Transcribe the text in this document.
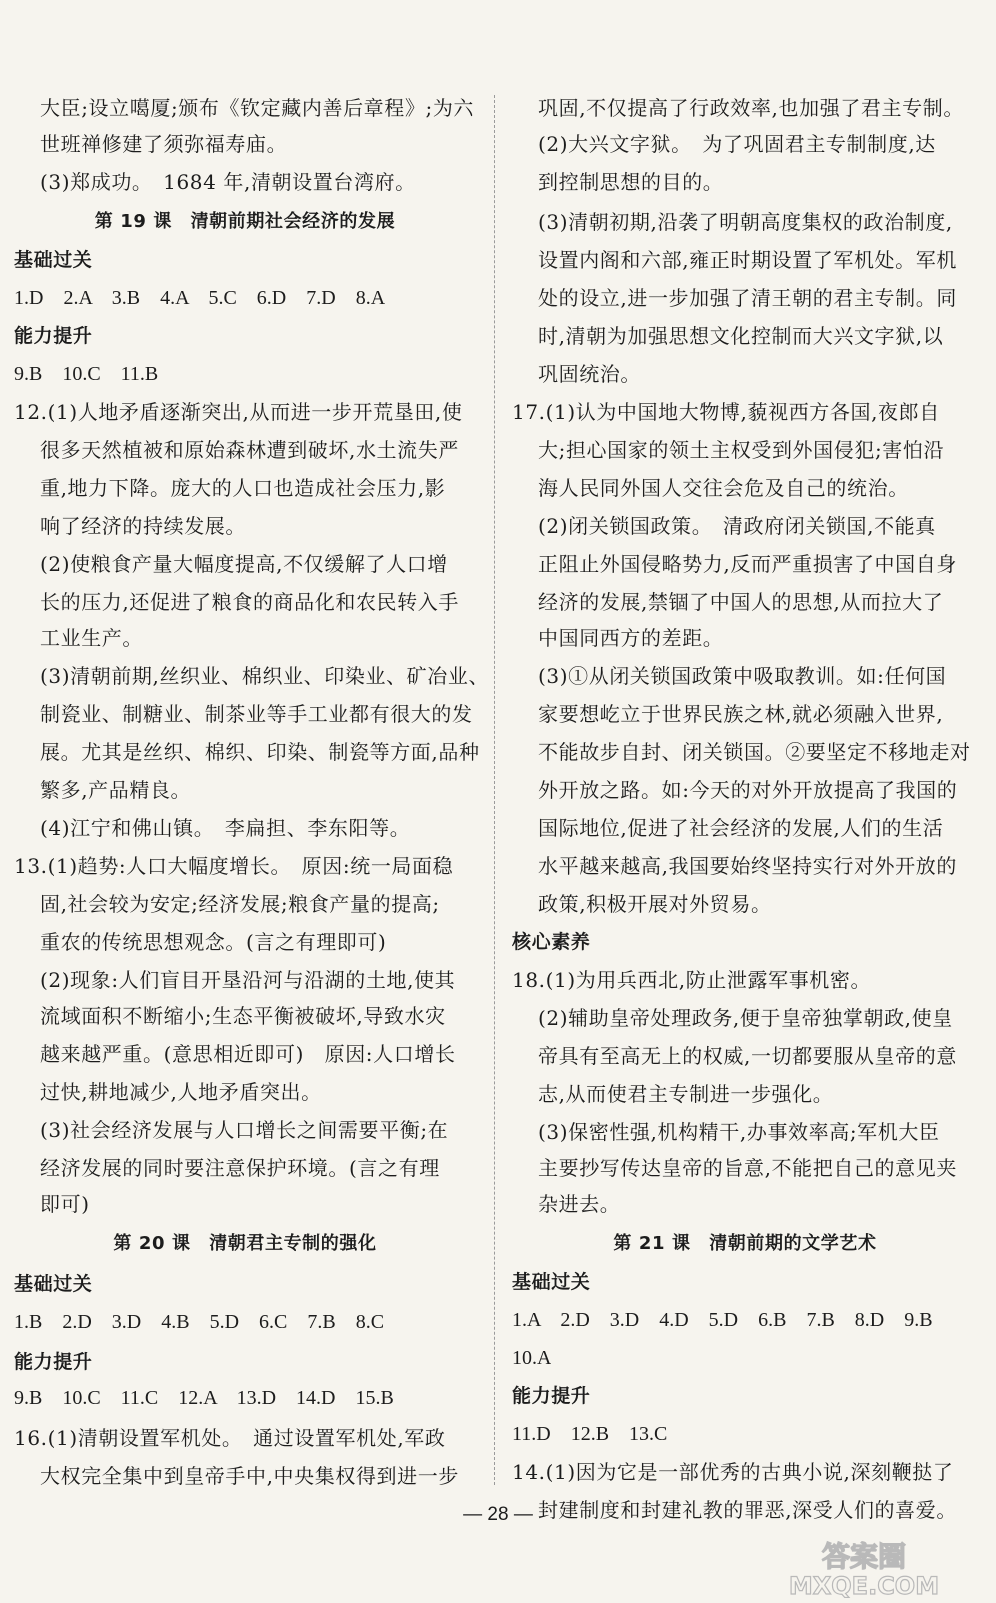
大臣;设立噶厦;颁布《钦定藏内善后章程》;为六
世班禅修建了须弥福寿庙。
(3)郑成功。　1684 年,清朝设置台湾府。
第 19 课　清朝前期社会经济的发展
基础过关
1.D　2.A　3.B　4.A　5.C　6.D　7.D　8.A
能力提升
9.B　10.C　11.B
12.(1)人地矛盾逐渐突出,从而进一步开荒垦田,使
很多天然植被和原始森林遭到破坏,水土流失严
重,地力下降。庞大的人口也造成社会压力,影
响了经济的持续发展。
(2)使粮食产量大幅度提高,不仅缓解了人口增
长的压力,还促进了粮食的商品化和农民转入手
工业生产。
(3)清朝前期,丝织业、棉织业、印染业、矿冶业、
制瓷业、制糖业、制茶业等手工业都有很大的发
展。尤其是丝织、棉织、印染、制瓷等方面,品种
繁多,产品精良。
(4)江宁和佛山镇。　李扁担、李东阳等。
13.(1)趋势:人口大幅度增长。　原因:统一局面稳
固,社会较为安定;经济发展;粮食产量的提高;
重农的传统思想观念。(言之有理即可)
(2)现象:人们盲目开垦沿河与沿湖的土地,使其
流域面积不断缩小;生态平衡被破坏,导致水灾
越来越严重。(意思相近即可)　原因:人口增长
过快,耕地减少,人地矛盾突出。
(3)社会经济发展与人口增长之间需要平衡;在
经济发展的同时要注意保护环境。(言之有理
即可)
第 20 课　清朝君主专制的强化
基础过关
1.B　2.D　3.D　4.B　5.D　6.C　7.B　8.C
能力提升
9.B　10.C　11.C　12.A　13.D　14.D　15.B
16.(1)清朝设置军机处。　通过设置军机处,军政
大权完全集中到皇帝手中,中央集权得到进一步
巩固,不仅提高了行政效率,也加强了君主专制。
(2)大兴文字狱。　为了巩固君主专制制度,达
到控制思想的目的。
(3)清朝初期,沿袭了明朝高度集权的政治制度,
设置内阁和六部,雍正时期设置了军机处。军机
处的设立,进一步加强了清王朝的君主专制。同
时,清朝为加强思想文化控制而大兴文字狱,以
巩固统治。
17.(1)认为中国地大物博,藐视西方各国,夜郎自
大;担心国家的领土主权受到外国侵犯;害怕沿
海人民同外国人交往会危及自己的统治。
(2)闭关锁国政策。　清政府闭关锁国,不能真
正阻止外国侵略势力,反而严重损害了中国自身
经济的发展,禁锢了中国人的思想,从而拉大了
中国同西方的差距。
(3)①从闭关锁国政策中吸取教训。如:任何国
家要想屹立于世界民族之林,就必须融入世界,
不能故步自封、闭关锁国。②要坚定不移地走对
外开放之路。如:今天的对外开放提高了我国的
国际地位,促进了社会经济的发展,人们的生活
水平越来越高,我国要始终坚持实行对外开放的
政策,积极开展对外贸易。
核心素养
18.(1)为用兵西北,防止泄露军事机密。
(2)辅助皇帝处理政务,便于皇帝独掌朝政,使皇
帝具有至高无上的权威,一切都要服从皇帝的意
志,从而使君主专制进一步强化。
(3)保密性强,机构精干,办事效率高;军机大臣
主要抄写传达皇帝的旨意,不能把自己的意见夹
杂进去。
第 21 课　清朝前期的文学艺术
基础过关
1.A　2.D　3.D　4.D　5.D　6.B　7.B　8.D　9.B
10.A
能力提升
11.D　12.B　13.C
14.(1)因为它是一部优秀的古典小说,深刻鞭挞了
封建制度和封建礼教的罪恶,深受人们的喜爱。
— 28 —
答案圈
MXQE.COM
